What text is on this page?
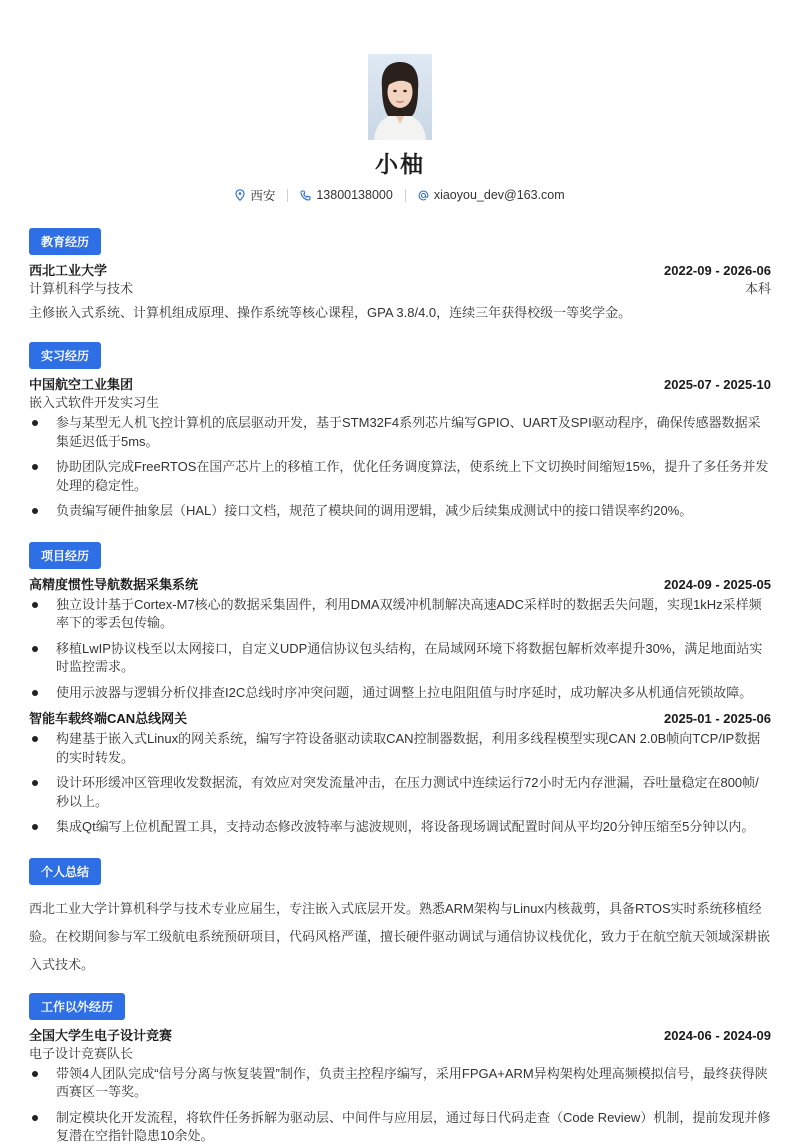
小柚
西安	13800138000	xiaoyou_dev@163.com
教育经历
西北工业大学	2022-09 - 2026-06
计算机科学与技术	本科
主修嵌入式系统、计算机组成原理、操作系统等核心课程，GPA 3.8/4.0，连续三年获得校级一等奖学金。
实习经历
中国航空工业集团	2025-07 - 2025-10
嵌入式软件开发实习生
参与某型无人机飞控计算机的底层驱动开发，基于STM32F4系列芯片编写GPIO、UART及SPI驱动程序，确保传感器数据采集延迟低于5ms。
协助团队完成FreeRTOS在国产芯片上的移植工作，优化任务调度算法，使系统上下文切换时间缩短15%，提升了多任务并发处理的稳定性。
负责编写硬件抽象层（HAL）接口文档，规范了模块间的调用逻辑，减少后续集成测试中的接口错误率约20%。
项目经历
高精度惯性导航数据采集系统	2024-09 - 2025-05
独立设计基于Cortex-M7核心的数据采集固件，利用DMA双缓冲机制解决高速ADC采样时的数据丢失问题，实现1kHz采样频率下的零丢包传输。
移植LwIP协议栈至以太网接口，自定义UDP通信协议包头结构，在局域网环境下将数据包解析效率提升30%，满足地面站实时监控需求。
使用示波器与逻辑分析仪排查I2C总线时序冲突问题，通过调整上拉电阻阻值与时序延时，成功解决多从机通信死锁故障。
智能车载终端CAN总线网关	2025-01 - 2025-06
构建基于嵌入式Linux的网关系统，编写字符设备驱动读取CAN控制器数据，利用多线程模型实现CAN 2.0B帧向TCP/IP数据的实时转发。
设计环形缓冲区管理收发数据流，有效应对突发流量冲击，在压力测试中连续运行72小时无内存泄漏，吞吐量稳定在800帧/秒以上。
集成Qt编写上位机配置工具，支持动态修改波特率与滤波规则，将设备现场调试配置时间从平均20分钟压缩至5分钟以内。
个人总结
西北工业大学计算机科学与技术专业应届生，专注嵌入式底层开发。熟悉ARM架构与Linux内核裁剪，具备RTOS实时系统移植经验。在校期间参与军工级航电系统预研项目，代码风格严谨，擅长硬件驱动调试与通信协议栈优化，致力于在航空航天领域深耕嵌入式技术。
工作以外经历
全国大学生电子设计竞赛	2024-06 - 2024-09
电子设计竞赛队长
带领4人团队完成“信号分离与恢复装置”制作，负责主控程序编写，采用FPGA+ARM异构架构处理高频模拟信号，最终获得陕西赛区一等奖。
制定模块化开发流程，将软件任务拆解为驱动层、中间件与应用层，通过每日代码走查（Code Review）机制，提前发现并修复潜在空指针隐患10余处。
